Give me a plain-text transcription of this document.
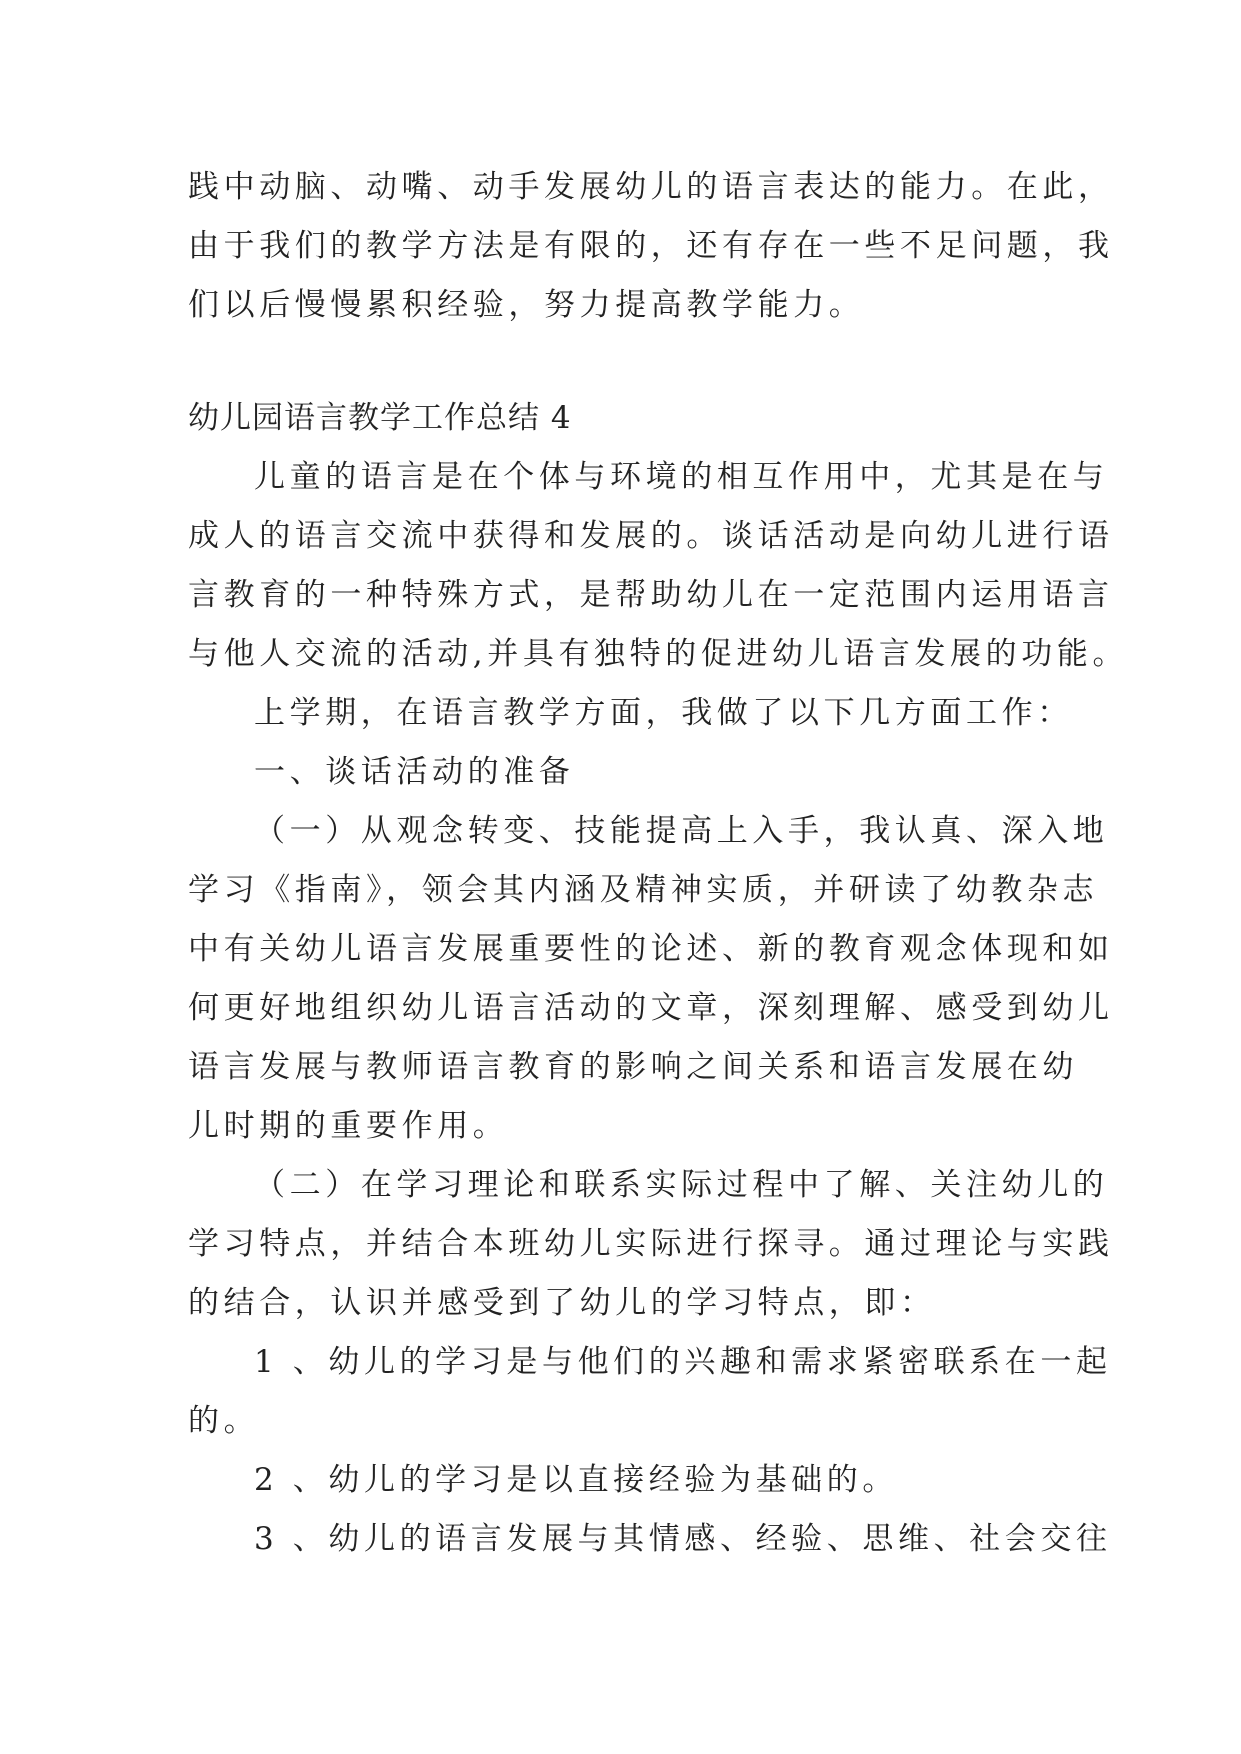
践中动脑、动嘴、动手发展幼儿的语言表达的能力。在此，
由于我们的教学方法是有限的，还有存在一些不足问题，我
们以后慢慢累积经验，努力提高教学能力。
幼儿园语言教学工作总结 4
儿童的语言是在个体与环境的相互作用中，尤其是在与
成人的语言交流中获得和发展的。谈话活动是向幼儿进行语
言教育的一种特殊方式，是帮助幼儿在一定范围内运用语言
与他人交流的活动,并具有独特的促进幼儿语言发展的功能。
上学期，在语言教学方面，我做了以下几方面工作：
一、谈话活动的准备
（一）从观念转变、技能提高上入手，我认真、深入地
学习《指南》，领会其内涵及精神实质，并研读了幼教杂志
中有关幼儿语言发展重要性的论述、新的教育观念体现和如
何更好地组织幼儿语言活动的文章，深刻理解、感受到幼儿
语言发展与教师语言教育的影响之间关系和语言发展在幼
儿时期的重要作用。
（二）在学习理论和联系实际过程中了解、关注幼儿的
学习特点，并结合本班幼儿实际进行探寻。通过理论与实践
的结合，认识并感受到了幼儿的学习特点，即：
1 、幼儿的学习是与他们的兴趣和需求紧密联系在一起
的。
2 、幼儿的学习是以直接经验为基础的。
3 、幼儿的语言发展与其情感、经验、思维、社会交往
